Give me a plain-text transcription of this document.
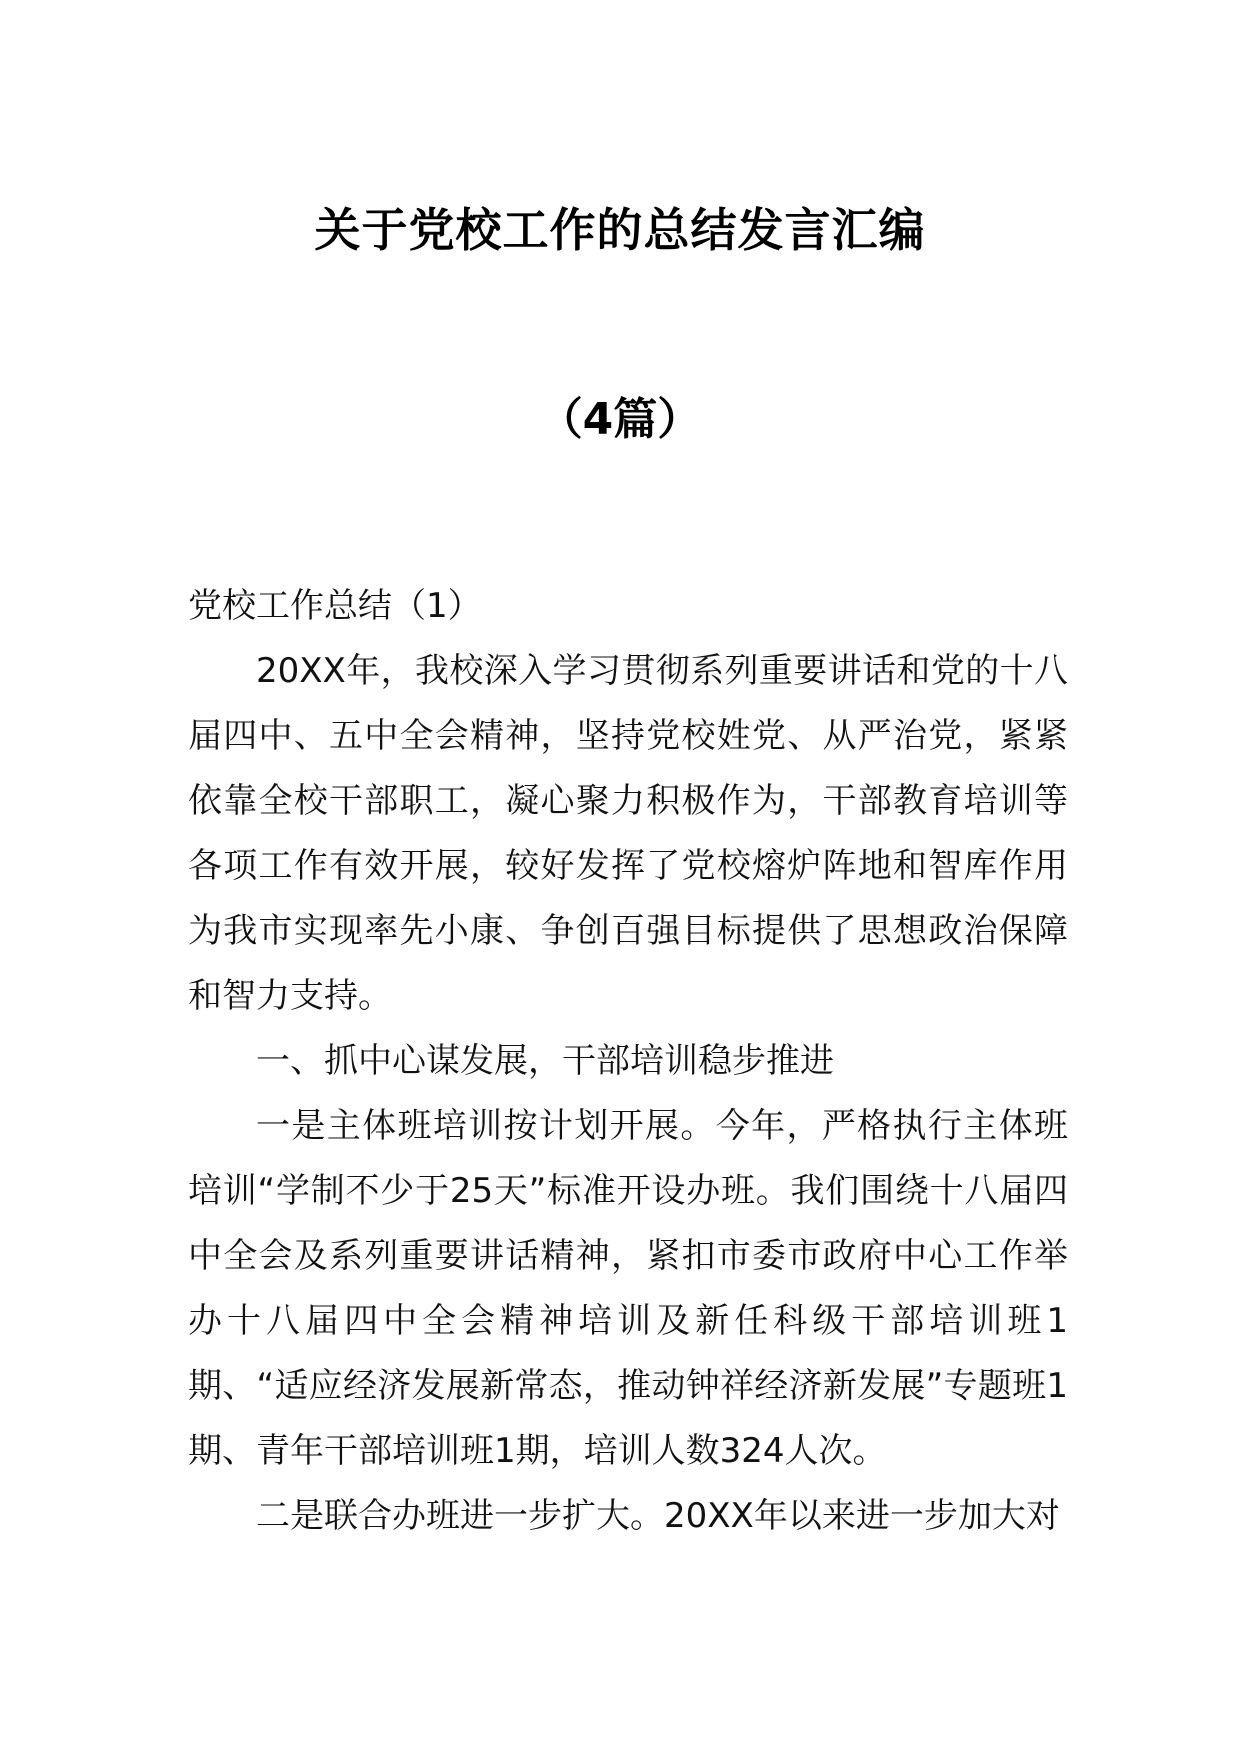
关于党校工作的总结发言汇编
（4篇）

党校工作总结（1）

20XX年，我校深入学习贯彻系列重要讲话和党的十八届四中、五中全会精神，坚持党校姓党、从严治党，紧紧依靠全校干部职工，凝心聚力积极作为，干部教育培训等各项工作有效开展，较好发挥了党校熔炉阵地和智库作用为我市实现率先小康、争创百强目标提供了思想政治保障和智力支持。

一、抓中心谋发展，干部培训稳步推进

一是主体班培训按计划开展。今年，严格执行主体班培训“学制不少于25天”标准开设办班。我们围绕十八届四中全会及系列重要讲话精神，紧扣市委市政府中心工作举办十八届四中全会精神培训及新任科级干部培训班1期、“适应经济发展新常态，推动钟祥经济新发展”专题班1期、青年干部培训班1期，培训人数324人次。

二是联合办班进一步扩大。20XX年以来进一步加大对
